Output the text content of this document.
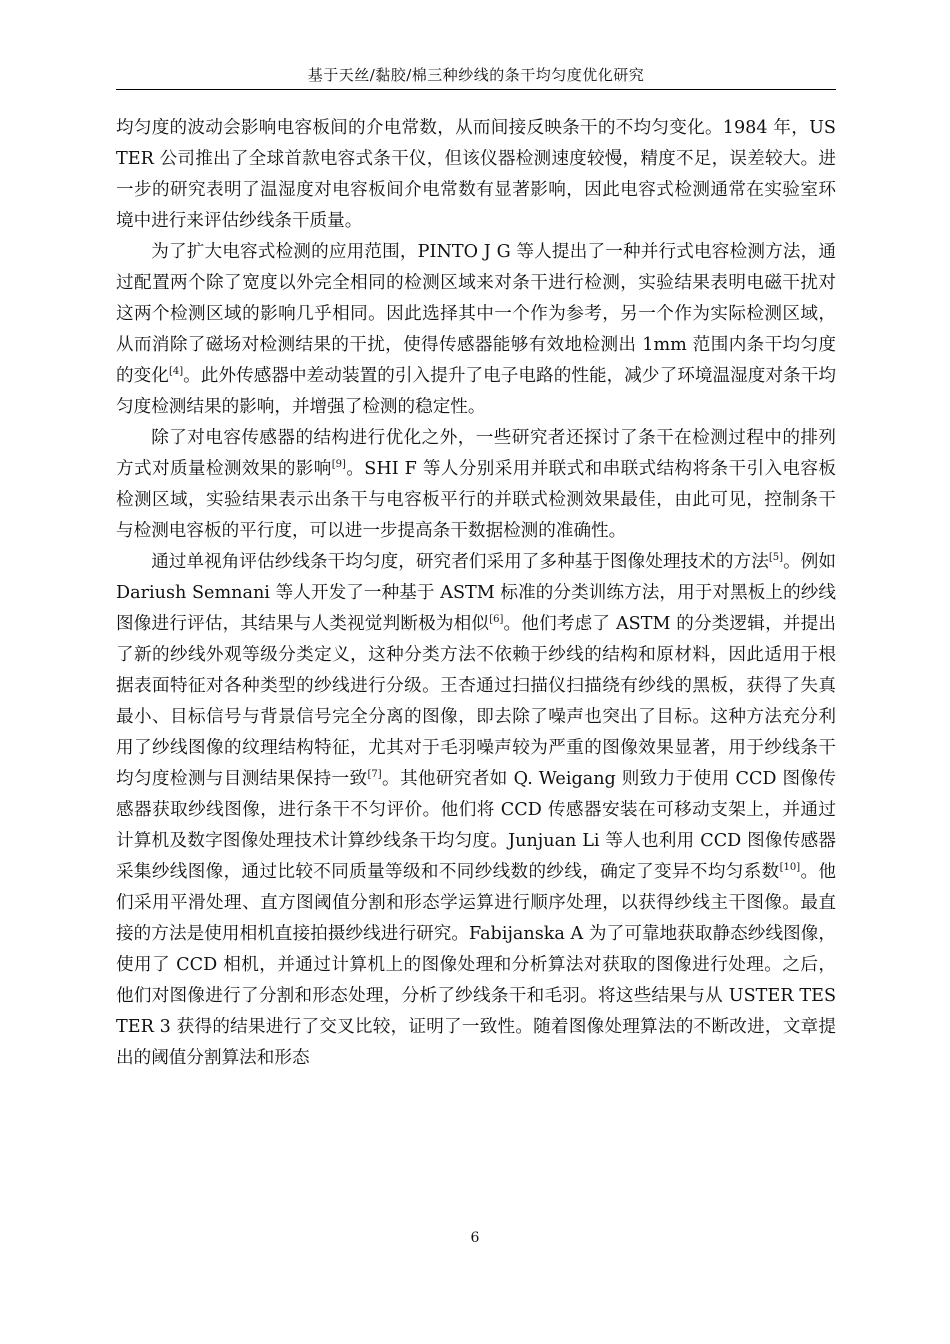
基于天丝/黏胶/棉三种纱线的条干均匀度优化研究

均匀度的波动会影响电容板间的介电常数，从而间接反映条干的不均匀变化。1984 年，USTER 公司推出了全球首款电容式条干仪，但该仪器检测速度较慢，精度不足，误差较大。进一步的研究表明了温湿度对电容板间介电常数有显著影响，因此电容式检测通常在实验室环境中进行来评估纱线条干质量。

为了扩大电容式检测的应用范围，PINTO J G 等人提出了一种并行式电容检测方法，通过配置两个除了宽度以外完全相同的检测区域来对条干进行检测，实验结果表明电磁干扰对这两个检测区域的影响几乎相同。因此选择其中一个作为参考，另一个作为实际检测区域，从而消除了磁场对检测结果的干扰，使得传感器能够有效地检测出 1mm 范围内条干均匀度的变化[4]。此外传感器中差动装置的引入提升了电子电路的性能，减少了环境温湿度对条干均匀度检测结果的影响，并增强了检测的稳定性。

除了对电容传感器的结构进行优化之外，一些研究者还探讨了条干在检测过程中的排列方式对质量检测效果的影响[9]。SHI F 等人分别采用并联式和串联式结构将条干引入电容板检测区域，实验结果表示出条干与电容板平行的并联式检测效果最佳，由此可见，控制条干与检测电容板的平行度，可以进一步提高条干数据检测的准确性。

通过单视角评估纱线条干均匀度，研究者们采用了多种基于图像处理技术的方法[5]。例如 Dariush Semnani 等人开发了一种基于 ASTM 标准的分类训练方法，用于对黑板上的纱线图像进行评估，其结果与人类视觉判断极为相似[6]。他们考虑了 ASTM 的分类逻辑，并提出了新的纱线外观等级分类定义，这种分类方法不依赖于纱线的结构和原材料，因此适用于根据表面特征对各种类型的纱线进行分级。王杏通过扫描仪扫描绕有纱线的黑板，获得了失真最小、目标信号与背景信号完全分离的图像，即去除了噪声也突出了目标。这种方法充分利用了纱线图像的纹理结构特征，尤其对于毛羽噪声较为严重的图像效果显著，用于纱线条干均匀度检测与目测结果保持一致[7]。其他研究者如 Q. Weigang 则致力于使用 CCD 图像传感器获取纱线图像，进行条干不匀评价。他们将 CCD 传感器安装在可移动支架上，并通过计算机及数字图像处理技术计算纱线条干均匀度。Junjuan Li 等人也利用 CCD 图像传感器采集纱线图像，通过比较不同质量等级和不同纱线数的纱线，确定了变异不均匀系数[10]。他们采用平滑处理、直方图阈值分割和形态学运算进行顺序处理，以获得纱线主干图像。最直接的方法是使用相机直接拍摄纱线进行研究。Fabijanska A 为了可靠地获取静态纱线图像，使用了 CCD 相机，并通过计算机上的图像处理和分析算法对获取的图像进行处理。之后，他们对图像进行了分割和形态处理，分析了纱线条干和毛羽。将这些结果与从 USTER TESTER 3 获得的结果进行了交叉比较，证明了一致性。随着图像处理算法的不断改进，文章提出的阈值分割算法和形态

6
